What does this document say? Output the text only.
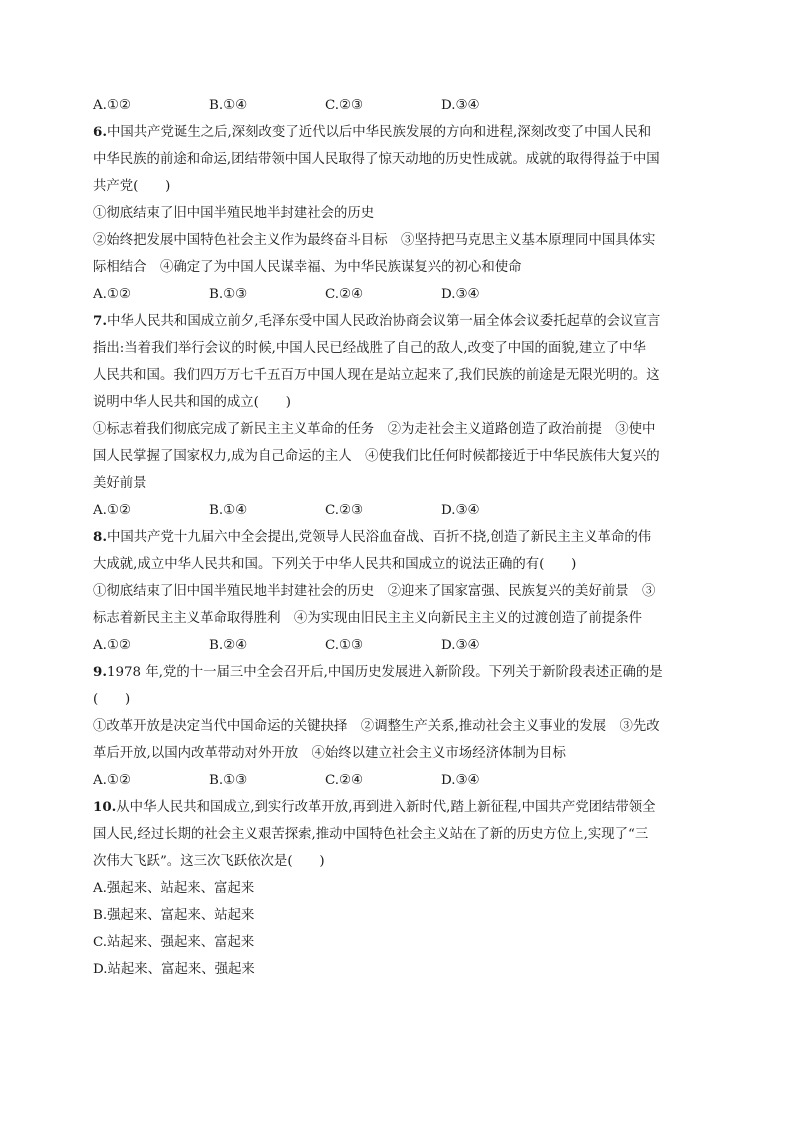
A.①②	B.①④	C.②③	D.③④
6.中国共产党诞生之后,深刻改变了近代以后中华民族发展的方向和进程,深刻改变了中国人民和
中华民族的前途和命运,团结带领中国人民取得了惊天动地的历史性成就。成就的取得得益于中国
共产党(　　)
①彻底结束了旧中国半殖民地半封建社会的历史
②始终把发展中国特色社会主义作为最终奋斗目标　③坚持把马克思主义基本原理同中国具体实
际相结合　④确定了为中国人民谋幸福、为中华民族谋复兴的初心和使命
A.①②	B.①③	C.②④	D.③④
7.中华人民共和国成立前夕,毛泽东受中国人民政治协商会议第一届全体会议委托起草的会议宣言
指出:当着我们举行会议的时候,中国人民已经战胜了自己的敌人,改变了中国的面貌,建立了中华
人民共和国。我们四万万七千五百万中国人现在是站立起来了,我们民族的前途是无限光明的。这
说明中华人民共和国的成立(　　)
①标志着我们彻底完成了新民主主义革命的任务　②为走社会主义道路创造了政治前提　③使中
国人民掌握了国家权力,成为自己命运的主人　④使我们比任何时候都接近于中华民族伟大复兴的
美好前景
A.①②	B.①④	C.②③	D.③④
8.中国共产党十九届六中全会提出,党领导人民浴血奋战、百折不挠,创造了新民主主义革命的伟
大成就,成立中华人民共和国。下列关于中华人民共和国成立的说法正确的有(　　)
①彻底结束了旧中国半殖民地半封建社会的历史　②迎来了国家富强、民族复兴的美好前景　③
标志着新民主主义革命取得胜利　④为实现由旧民主主义向新民主主义的过渡创造了前提条件
A.①②	B.②④	C.①③	D.③④
9.1978 年,党的十一届三中全会召开后,中国历史发展进入新阶段。下列关于新阶段表述正确的是
(　　)
①改革开放是决定当代中国命运的关键抉择　②调整生产关系,推动社会主义事业的发展　③先改
革后开放,以国内改革带动对外开放　④始终以建立社会主义市场经济体制为目标
A.①②	B.①③	C.②④	D.③④
10.从中华人民共和国成立,到实行改革开放,再到进入新时代,踏上新征程,中国共产党团结带领全
国人民,经过长期的社会主义艰苦探索,推动中国特色社会主义站在了新的历史方位上,实现了“三
次伟大飞跃”。这三次飞跃依次是(　　)
A.强起来、站起来、富起来
B.强起来、富起来、站起来
C.站起来、强起来、富起来
D.站起来、富起来、强起来
